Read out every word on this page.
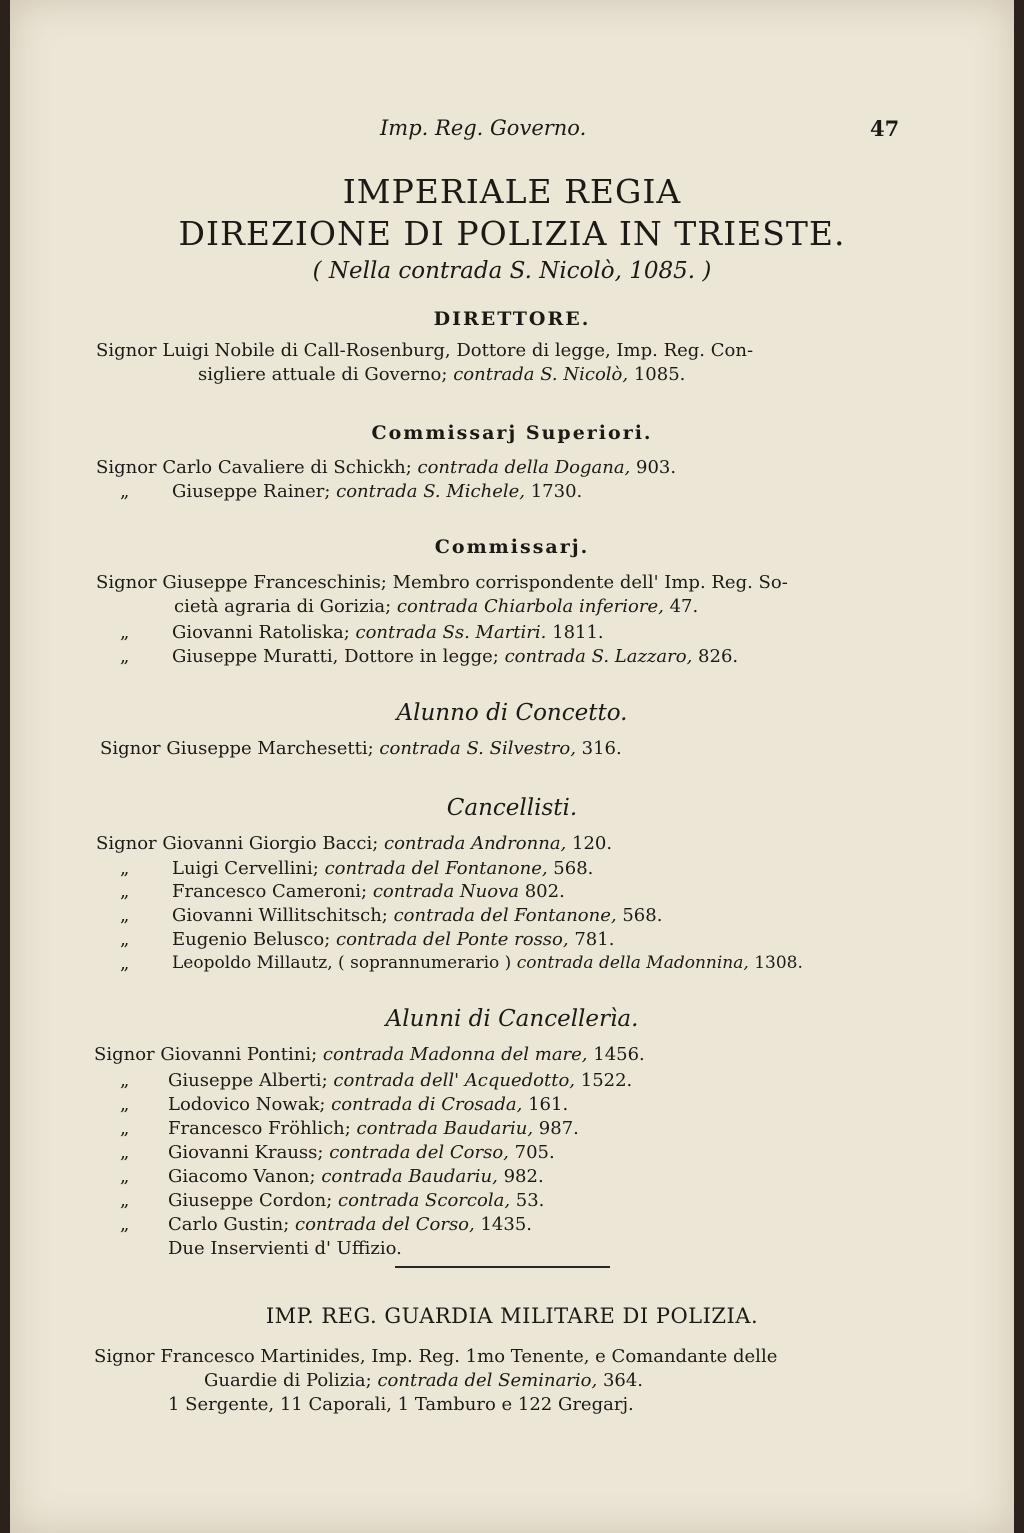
Imp. Reg. Governo.	47
IMPERIALE REGIA
DIREZIONE DI POLIZIA IN TRIESTE.
( Nella contrada S. Nicolò, 1085. )
DIRETTORE.
Signor Luigi Nobile di Call-Rosenburg, Dottore di legge, Imp. Reg. Con-
sigliere attuale di Governo; contrada S. Nicolò, 1085.
Commissarj Superiori.
Signor Carlo Cavaliere di Schickh; contrada della Dogana, 903.
„ Giuseppe Rainer; contrada S. Michele, 1730.
Commissarj.
Signor Giuseppe Franceschinis; Membro corrispondente dell' Imp. Reg. So-
cietà agraria di Gorizia; contrada Chiarbola inferiore, 47.
„ Giovanni Ratoliska; contrada Ss. Martiri. 1811.
„ Giuseppe Muratti, Dottore in legge; contrada S. Lazzaro, 826.
Alunno di Concetto.
Signor Giuseppe Marchesetti; contrada S. Silvestro, 316.
Cancellisti.
Signor Giovanni Giorgio Bacci; contrada Andronna, 120.
„ Luigi Cervellini; contrada del Fontanone, 568.
„ Francesco Cameroni; contrada Nuova 802.
„ Giovanni Willitschitsch; contrada del Fontanone, 568.
„ Eugenio Belusco; contrada del Ponte rosso, 781.
„	Leopoldo Millautz, ( soprannumerario ) contrada della Madonnina, 1308.
Alunni di Cancellerìa.
Signor Giovanni Pontini; contrada Madonna del mare, 1456.
„ Giuseppe Alberti; contrada dell' Acquedotto, 1522.
„ Lodovico Nowak; contrada di Crosada, 161.
„ Francesco Fröhlich; contrada Baudariu, 987.
„ Giovanni Krauss; contrada del Corso, 705.
„ Giacomo Vanon; contrada Baudariu, 982.
„ Giuseppe Cordon; contrada Scorcola, 53.
„ Carlo Gustin; contrada del Corso, 1435.
Due Inservienti d' Uffizio.
IMP. REG. GUARDIA MILITARE DI POLIZIA.
Signor Francesco Martinides, Imp. Reg. 1mo Tenente, e Comandante delle
Guardie di Polizia; contrada del Seminario, 364.
1 Sergente, 11 Caporali, 1 Tamburo e 122 Gregarj.
